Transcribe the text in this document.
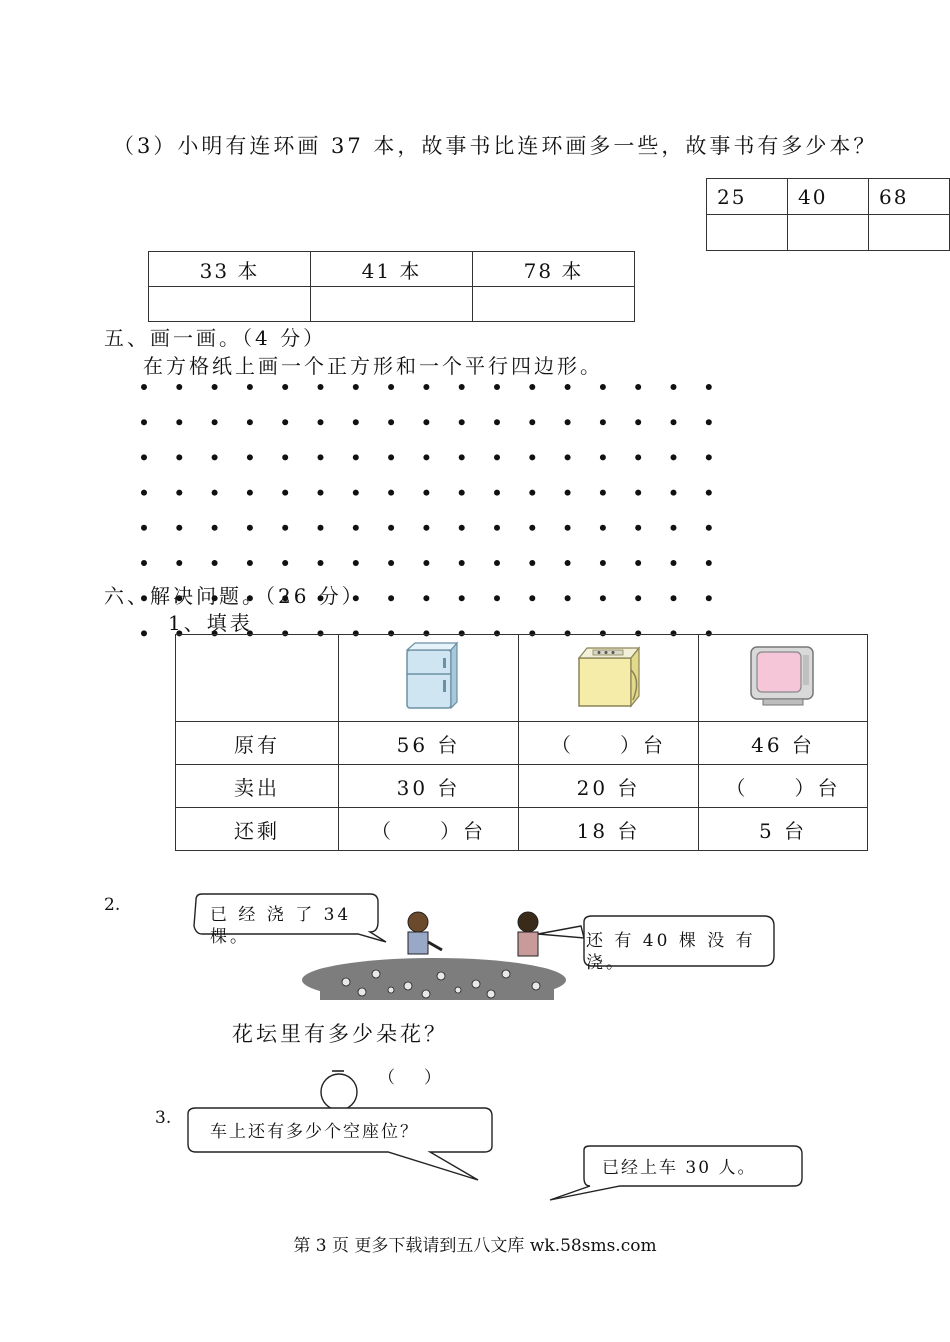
（3）小明有连环画 37 本，故事书比连环画多一些，故事书有多少本？
25	40	68

33 本	41 本	78 本

五、画一画。（4 分）
在方格纸上画一个正方形和一个平行四边形。
六、解决问题。（26 分）
1、填表

原有	56 台	（　　）台	46 台
卖出	30 台	20 台	（　　）台
还剩	（　　）台	18 台	5 台
2.	已 经 浇 了 34 棵。	还 有 40 棵 没 有 浇。
花坛里有多少朵花？
（　）
3.
车上还有多少个空座位？
已经上车 30 人。
第 3 页 更多下载请到五八文库 wk.58sms.com
